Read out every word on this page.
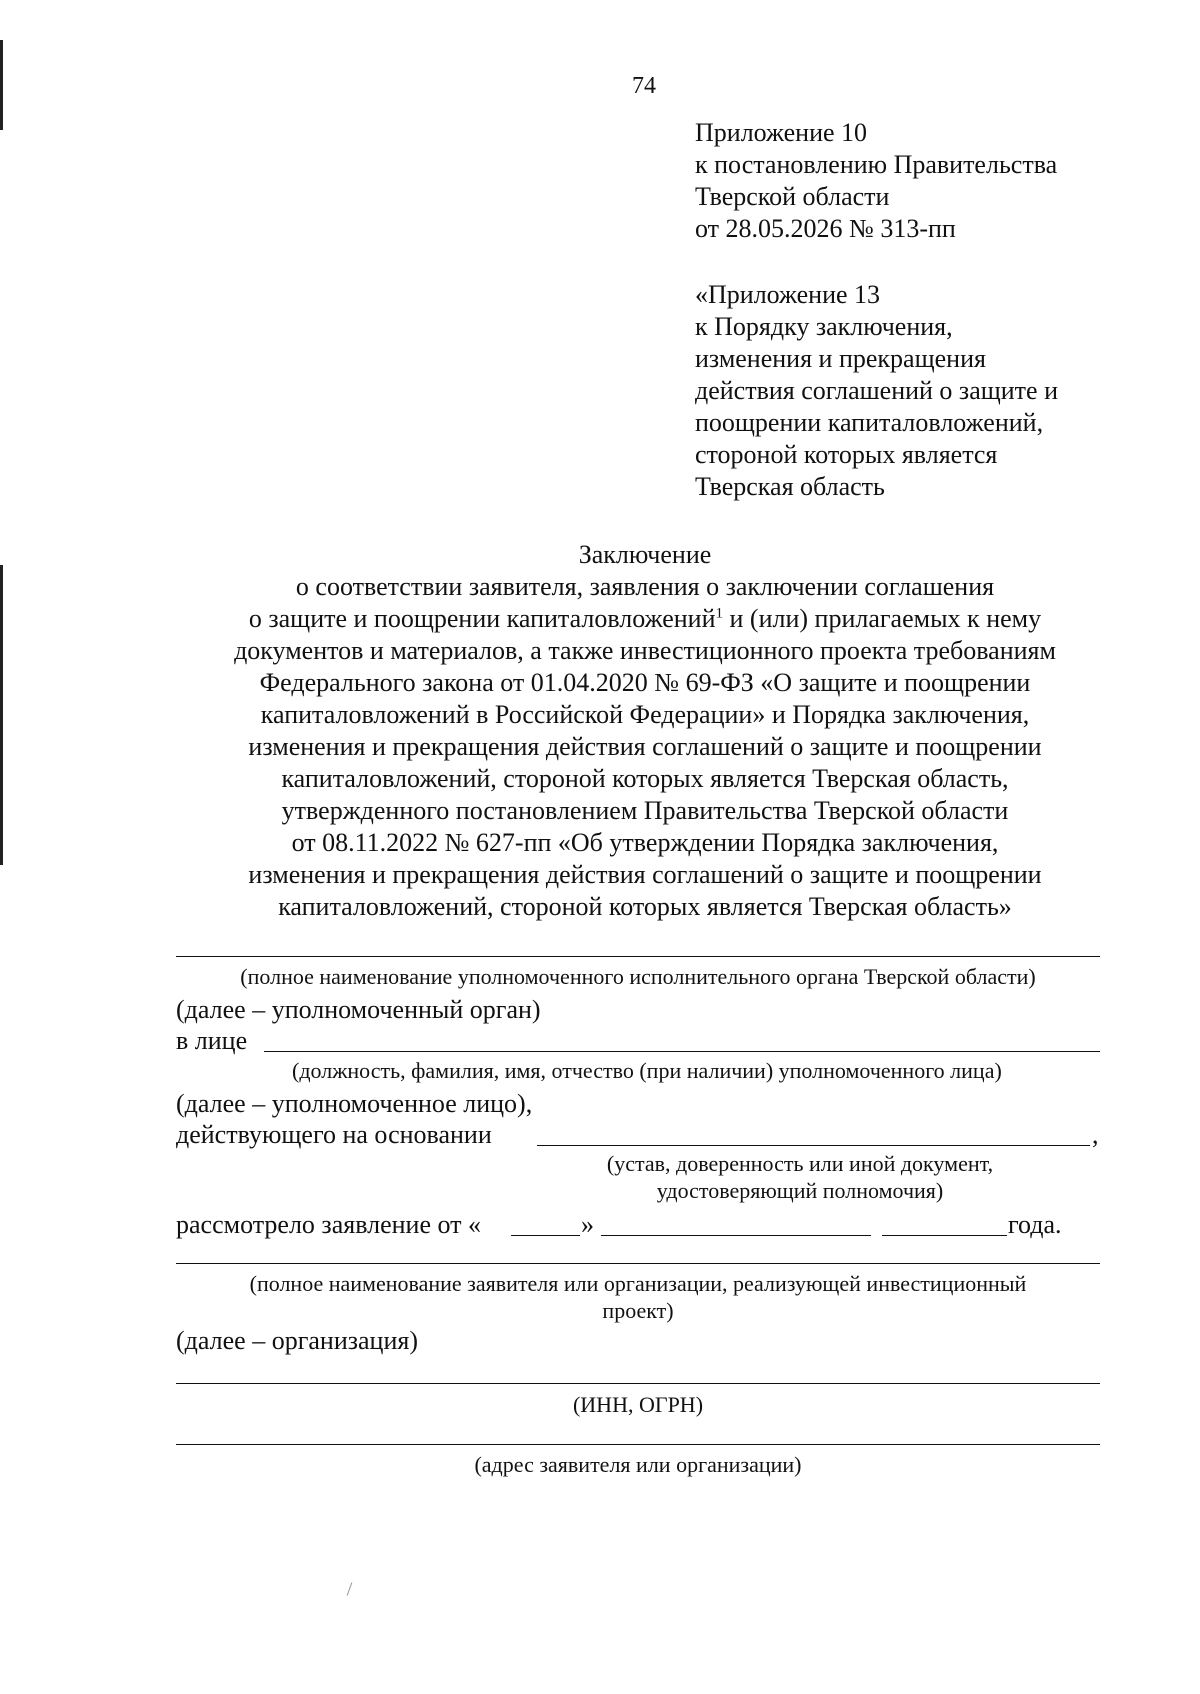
74

Приложение 10

к постановлению Правительства

Тверской области

от 28.05.2026 № 313-пп

«Приложение 13

к Порядку заключения,

изменения и прекращения

действия соглашений о защите и

поощрении капиталовложений,

стороной которых является

Тверская область

Заключение

о соответствии заявителя, заявления о заключении соглашения

о защите и поощрении капиталовложений$^1$ и (или) прилагаемых к нему

документов и материалов, а также инвестиционного проекта требованиям

Федерального закона от 01.04.2020 № 69-ФЗ «О защите и поощрении

капиталовложений в Российской Федерации» и Порядка заключения,

изменения и прекращения действия соглашений о защите и поощрении

капиталовложений, стороной которых является Тверская область,

утвержденного постановлением Правительства Тверской области

от 08.11.2022 № 627-пп «Об утверждении Порядка заключения,

изменения и прекращения действия соглашений о защите и поощрении

капиталовложений, стороной которых является Тверская область»

(полное наименование уполномоченного исполнительного органа Тверской области)
(далее – уполномоченный орган)
в лице
(должность, фамилия, имя, отчество (при наличии) уполномоченного лица)
(далее – уполномоченное лицо),
действующего на основании	,

(устав, доверенность или иной документ,

удостоверяющий полномочия)

рассмотрело заявление от «	»	года.

(полное наименование заявителя или организации, реализующей инвестиционный

проект)

(далее – организация)
(ИНН, ОГРН)
(адрес заявителя или организации)
